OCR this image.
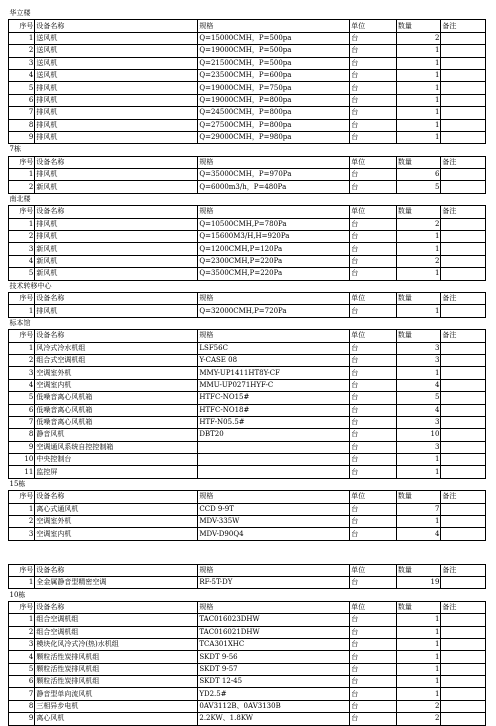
华立楼					
序号	设备名称	规格	单位	数量	备注
1	送风机	Q=15000CMH，P=500pa	台	2	
2	送风机	Q=19000CMH，P=500pa	台	1	
3	送风机	Q=21500CMH，P=500pa	台	1	
4	送风机	Q=23500CMH，P=600pa	台	1	
5	排风机	Q=19000CMH，P=750pa	台	1	
6	排风机	Q=19000CMH，P=800pa	台	1	
7	排风机	Q=24500CMH，P=800pa	台	1	
8	排风机	Q=27500CMH，P=800pa	台	1	
9	排风机	Q=29000CMH，P=980pa	台	1	
7栋					
序号	设备名称	规格	单位	数量	备注
1	排风机	Q=35000CMH，P=970Pa	台	6	
2	新风机	Q=6000m3/h，P=480Pa	台	5	
南北楼					
序号	设备名称	规格	单位	数量	备注
1	排风机	Q=10500CMH,P=780Pa	台	2	
2	排风机	Q=15600M3/H,H=920Pa	台	1	
3	新风机	Q=1200CMH,P=120Pa	台	1	
4	新风机	Q=2300CMH,P=220Pa	台	2	
5	新风机	Q=3500CMH,P=220Pa	台	1	
技术转移中心					
序号	设备名称	规格	单位	数量	备注
1	排风机	Q=32000CMH,P=720Pa	台	1	
标本馆					
序号	设备名称	规格	单位	数量	备注
1	风冷式冷水机组	LSF56C	台	3	
2	组合式空调机组	Y-CASE 08	台	3	
3	空调室外机	MMY-UP1411HT8Y-CF	台	1	
4	空调室内机	MMU-UP0271HYF-C	台	4	
5	低噪音离心风机箱	HTFC-NO15#	台	5	
6	低噪音离心风机箱	HTFC-NO18#	台	4	
7	低噪音离心风机箱	HTF-N05.5#	台	3	
8	静音风机	DBT20	台	10	
9	空调通风系统自控控制箱		台	3	
10	中央控制台		台	1	
11	监控屏		台	1	
15栋					
序号	设备名称	规格	单位	数量	备注
1	离心式通风机	CCD 9-9T	台	7	
2	空调室外机	MDV-335W	台	1	
3	空调室内机	MDV-D90Q4	台	4	

序号	设备名称	规格	单位	数量	备注
1	全金属静音型精密空调	RF-5T-DY	台	19	
10栋					
序号	设备名称	规格	单位	数量	备注
1	组合空调机组	TAC016023DHW	台	1	
2	组合空调机组	TAC016021DHW	台	1	
3	模块化风冷式冷(热)水机组	TCA301XHC	台	1	
4	颗粒活性炭排风机组	SKDT 9-56	台	1	
5	颗粒活性炭排风机组	SKDT 9-57	台	1	
6	颗粒活性炭排风机组	SKDT 12-45	台	1	
7	静音型单向流风机	YD2.5#	台	1	
8	三相异步电机	0AV3112B、0AV3130B	台	2	
9	离心风机	2.2KW、1.8KW	台	2	
